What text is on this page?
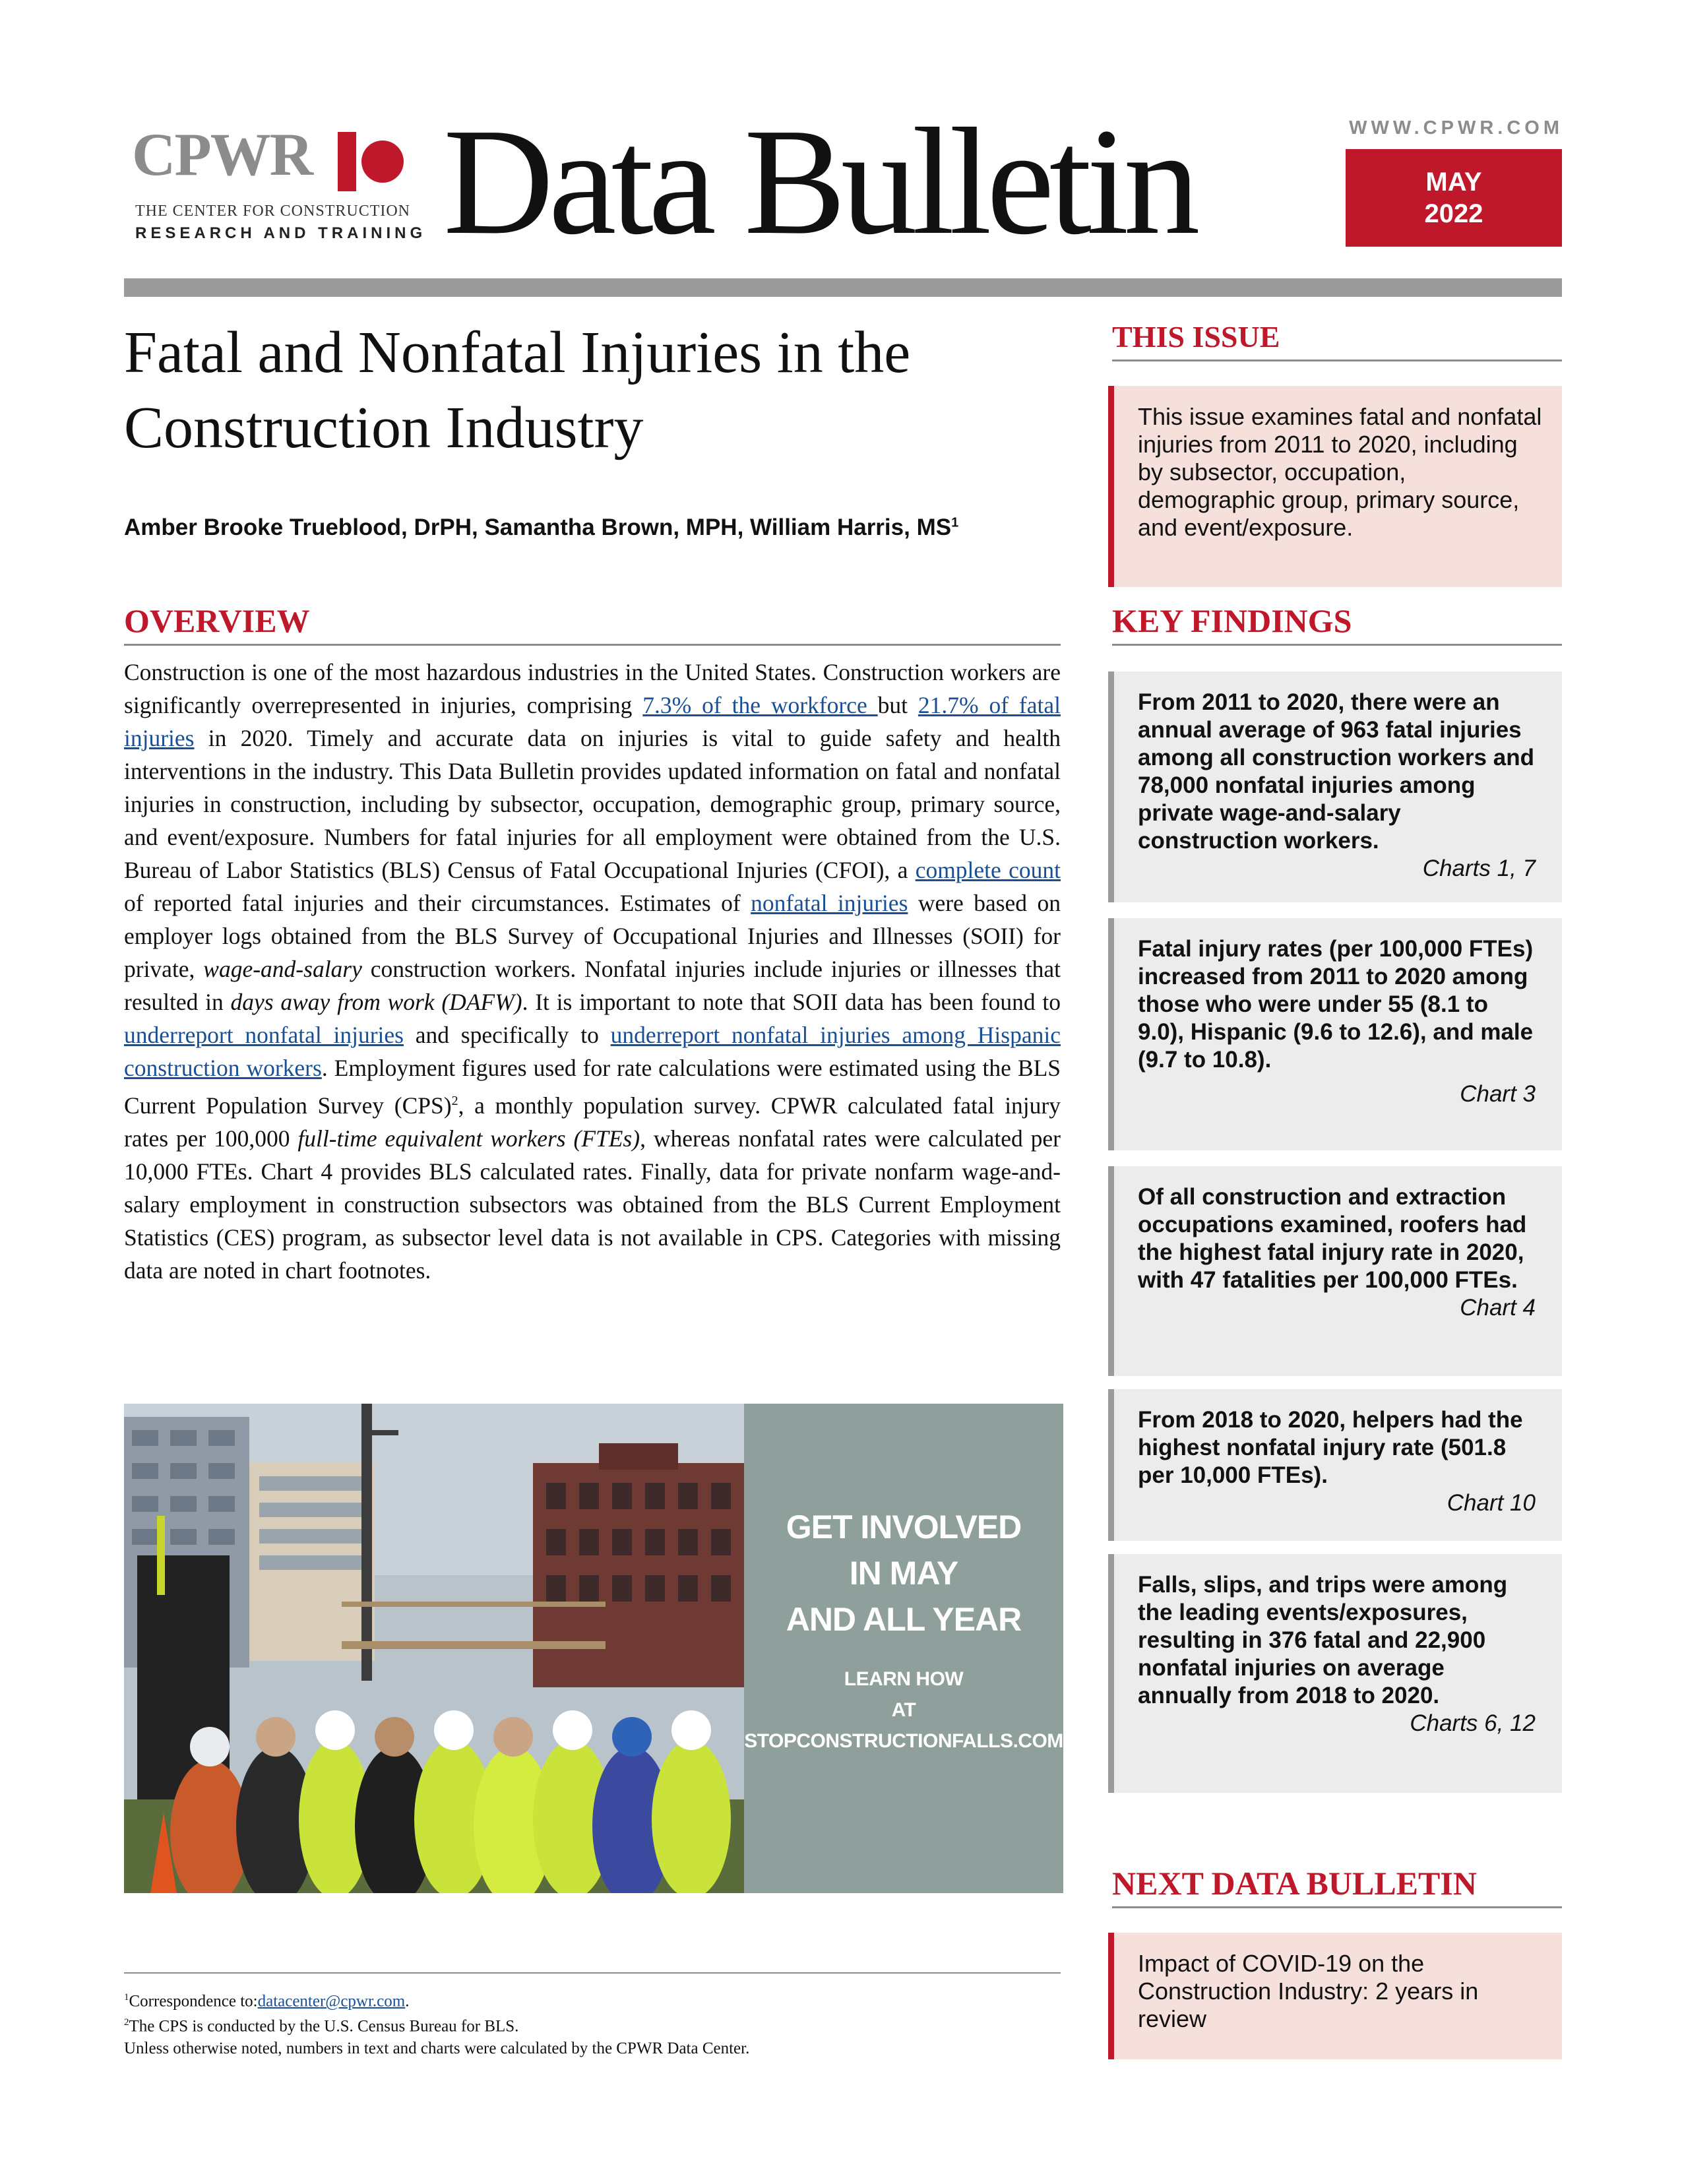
CPWR
THE CENTER FOR CONSTRUCTION
RESEARCH AND TRAINING Data Bulletin	WWW.CPWR.COM
MAY
2022
Fatal and Nonfatal Injuries in the
Construction Industry
Amber Brooke Trueblood, DrPH, Samantha Brown, MPH, William Harris, $MS^1$
OVERVIEW
Construction is one of the most hazardous industries in the United States. Construction workers are significantly overrepresented in injuries, comprising 7.3% of the workforce but 21.7% of fatal injuries in 2020. Timely and accurate data on injuries is vital to guide safety and health interventions in the industry. This Data Bulletin provides updated information on fatal and nonfatal injuries in construction, including by subsector, occupation, demographic group, primary source, and event/exposure. Numbers for fatal injuries for all employment were obtained from the U.S. Bureau of Labor Statistics (BLS) Census of Fatal Occupational Injuries (CFOI), a complete count of reported fatal injuries and their circumstances. Estimates of nonfatal injuries were based on employer logs obtained from the BLS Survey of Occupational Injuries and Illnesses (SOII) for private, wage-and-salary construction workers. Nonfatal injuries include injuries or illnesses that resulted in days away from work (DAFW). It is important to note that SOII data has been found to underreport nonfatal injuries and specifically to underreport nonfatal injuries among Hispanic construction workers. Employment figures used for rate calculations were estimated using the BLS Current Population Survey (CPS)$^2$, a monthly population survey. CPWR calculated fatal injury rates per 100,000 full-time equivalent workers (FTEs), whereas nonfatal rates were calculated per 10,000 FTEs. Chart 4 provides BLS calculated rates. Finally, data for private nonfarm wage-and-salary employment in construction subsectors was obtained from the BLS Current Employment Statistics (CES) program, as subsector level data is not available in CPS. Categories with missing data are noted in chart footnotes.
GET INVOLVED
IN MAY
AND ALL YEAR
LEARN HOW
AT
STOPCONSTRUCTIONFALLS.COM
$^1$Correspondence to:datacenter@cpwr.com.
$^2$The CPS is conducted by the U.S. Census Bureau for BLS.
Unless otherwise noted, numbers in text and charts were calculated by the CPWR Data Center.
THIS ISSUE
This issue examines fatal and nonfatal injuries from 2011 to 2020, including by subsector, occupation, demographic group, primary source, and event/exposure.
KEY FINDINGS
From 2011 to 2020, there were an annual average of 963 fatal injuries among all construction workers and 78,000 nonfatal injuries among private wage-and-salary construction workers.
Charts 1, 7
Fatal injury rates (per 100,000 FTEs) increased from 2011 to 2020 among those who were under 55 (8.1 to 9.0), Hispanic (9.6 to 12.6), and male (9.7 to 10.8).
Chart 3
Of all construction and extraction occupations examined, roofers had the highest fatal injury rate in 2020, with 47 fatalities per 100,000 FTEs.
Chart 4
From 2018 to 2020, helpers had the highest nonfatal injury rate (501.8 per 10,000 FTEs).
Chart 10
Falls, slips, and trips were among the leading events/exposures, resulting in 376 fatal and 22,900 nonfatal injuries on average annually from 2018 to 2020.
Charts 6, 12
NEXT DATA BULLETIN
Impact of COVID-19 on the Construction Industry: 2 years in review
